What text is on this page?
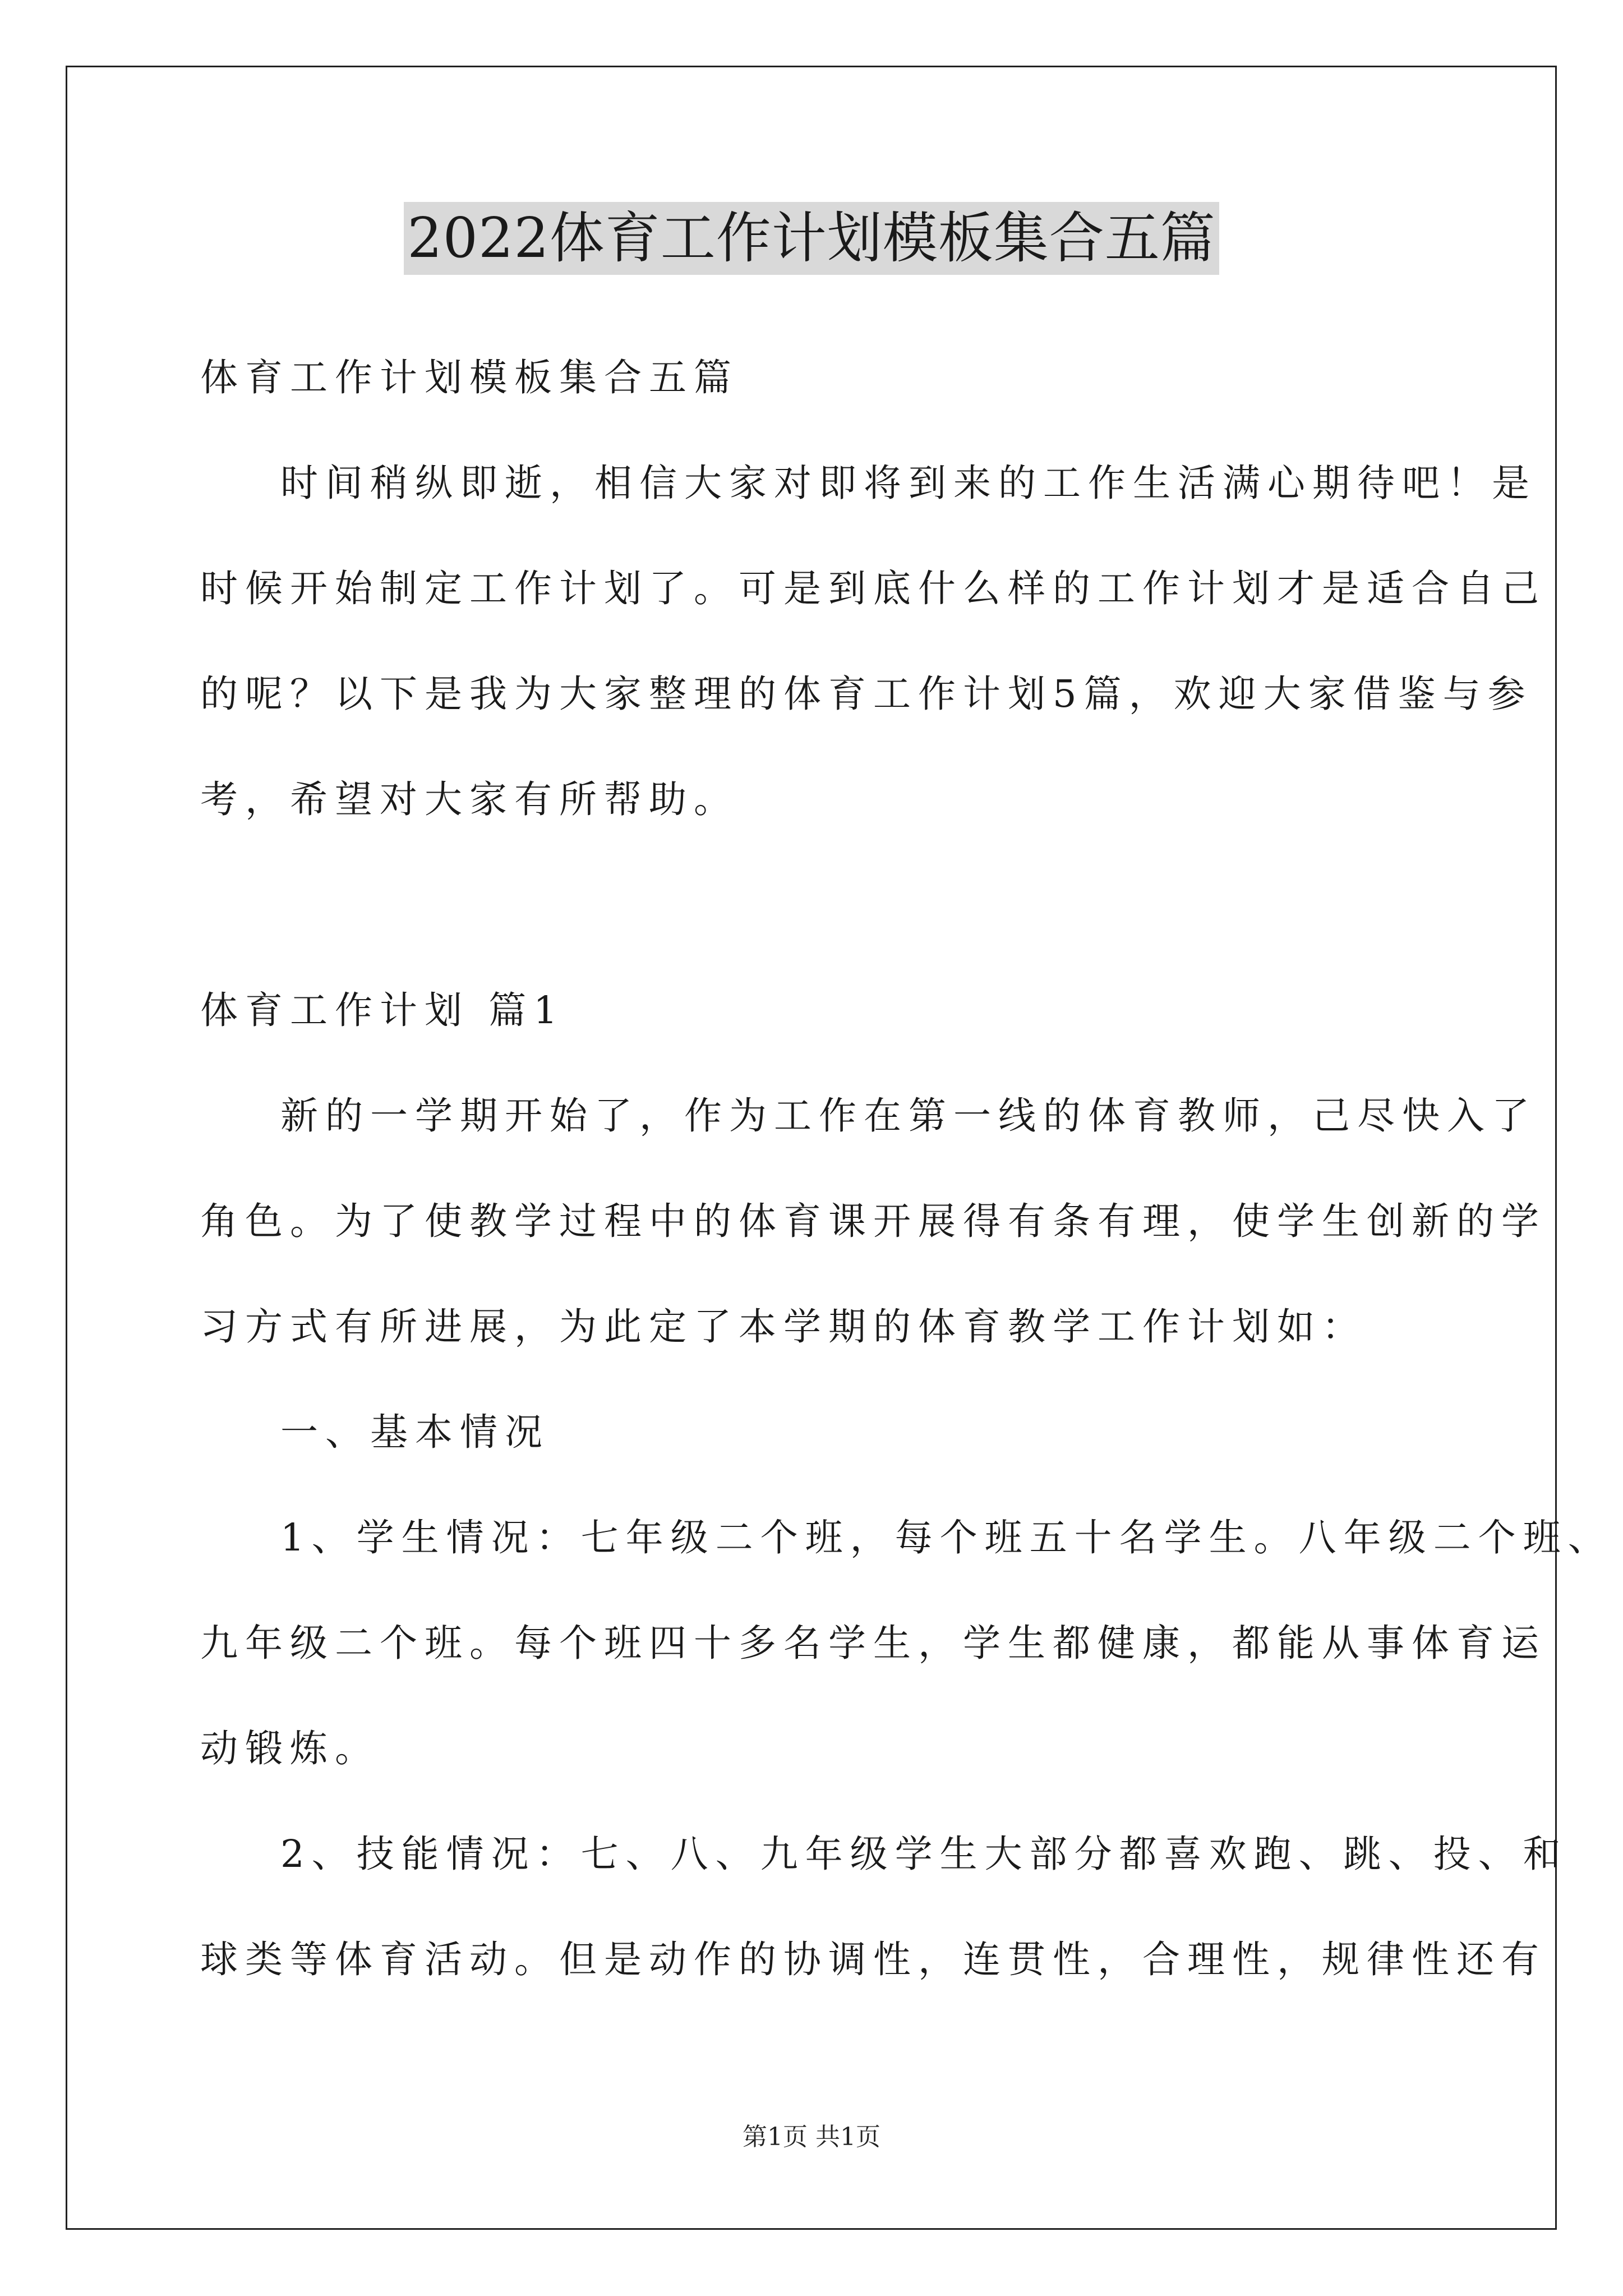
2022体育工作计划模板集合五篇
体育工作计划模板集合五篇
时间稍纵即逝，相信大家对即将到来的工作生活满心期待吧！是
时候开始制定工作计划了。可是到底什么样的工作计划才是适合自己
的呢？以下是我为大家整理的体育工作计划5篇，欢迎大家借鉴与参
考，希望对大家有所帮助。
体育工作计划 篇1
新的一学期开始了，作为工作在第一线的体育教师，己尽快入了
角色。为了使教学过程中的体育课开展得有条有理，使学生创新的学
习方式有所进展，为此定了本学期的体育教学工作计划如：
一、基本情况
1、学生情况：七年级二个班，每个班五十名学生。八年级二个班、
九年级二个班。每个班四十多名学生，学生都健康，都能从事体育运
动锻炼。
2、技能情况：七、八、九年级学生大部分都喜欢跑、跳、投、和
球类等体育活动。但是动作的协调性，连贯性，合理性，规律性还有
第1页 共1页
